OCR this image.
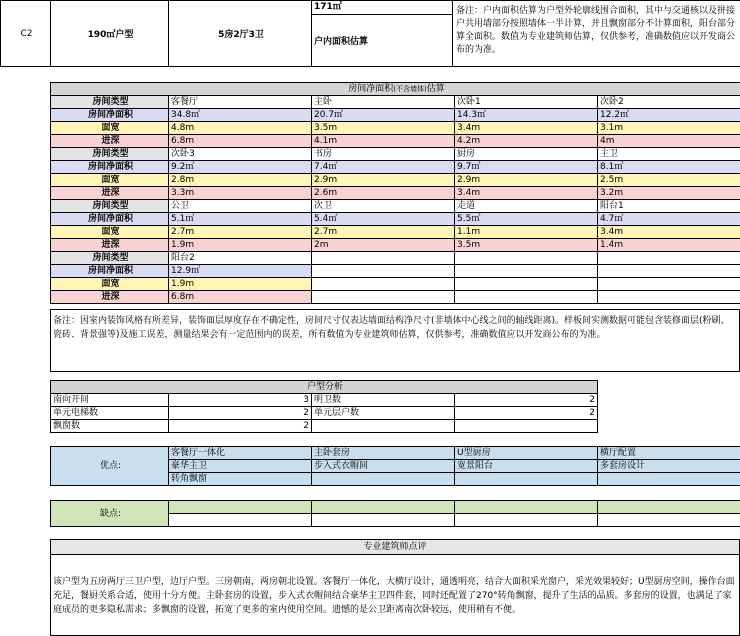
C2	190㎡户型	5房2厅3卫	171㎡	备注：户内面积估算为户型外轮廓线围合面积，其中与交通核以及拼接户共用墙部分按照墙体一半计算，并且飘窗部分不计算面积，阳台部分算全面积。数值为专业建筑师估算，仅供参考，准确数值应以开发商公布的为准。
户内面积估算
房间净面积(不含墙体)估算				
房间类型	客餐厅	主卧	次卧1	次卧2
房间净面积	34.8㎡	20.7㎡	14.3㎡	12.2㎡
面宽	4.8m	3.5m	3.4m	3.1m
进深	6.8m	4.1m	4.2m	4m
房间类型	次卧3	书房	厨房	主卫
房间净面积	9.2㎡	7.4㎡	9.7㎡	8.1㎡
面宽	2.8m	2.9m	2.9m	2.5m
进深	3.3m	2.6m	3.4m	3.2m
房间类型	公卫	次卫	走道	阳台1
房间净面积	5.1㎡	5.4㎡	5.5㎡	4.7㎡
面宽	2.7m	2.7m	1.1m	3.4m
进深	1.9m	2m	3.5m	1.4m
房间类型	阳台2			
房间净面积	12.9㎡			
面宽	1.9m			
进深	6.8m			
备注：因室内装饰风格有所差异，装饰面层厚度存在不确定性，房间尺寸仅表达墙面结构净尺寸(非墙体中心线之间的轴线距离)。样板间实测数据可能包含装修面层(粉刷、瓷砖、背景强等)及施工误差，测量结果会有一定范围内的误差，所有数值为专业建筑师估算，仅供参考，准确数值应以开发商公布的为准。
户型分析			
南向开间	3	明卫数	2
单元电梯数	2	单元层户数	2
飘窗数	2		
优点:	客餐厅一体化	主卧套房	U型厨房	横厅配置
	豪华主卫	步入式衣帽间	宽景阳台	多套房设计
	转角飘窗			
缺点:				

专业建筑师点评
该户型为五房两厅三卫户型，边厅户型。三房朝南，两房朝北设置。客餐厅一体化，大横厅设计，通透明亮，结合大面积采光窗户，采光效果较好；U型厨房空间，操作台面充足，餐厨关系合适，使用十分方便。主卧套房的设置，步入式衣帽间结合豪华主卫四件套，同时还配置了270°转角飘窗，提升了生活的品质。多套房的设置，也满足了家庭成员的更多隐私需求；多飘窗的设置，拓宽了更多的室内使用空间。遗憾的是公卫距离南次卧较远，使用稍有不便。
